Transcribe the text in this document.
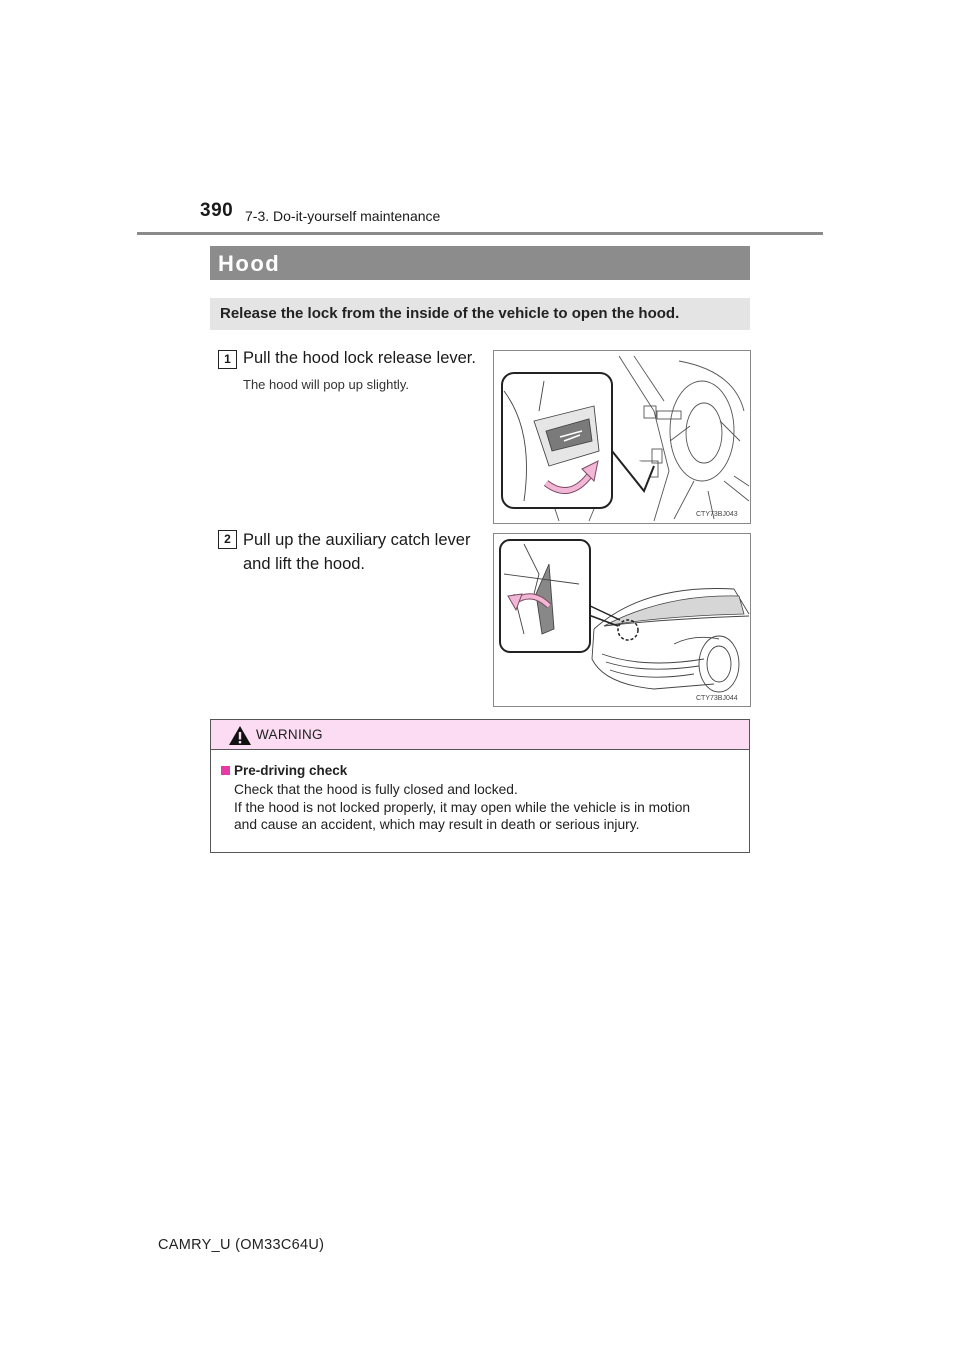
390 7-3. Do-it-yourself maintenance
Hood
Release the lock from the inside of the vehicle to open the hood.
1 Pull the hood lock release lever.
The hood will pop up slightly.
CTY73BJ043
2 Pull up the auxiliary catch lever
and lift the hood.
CTY73BJ044
WARNING
Pre-driving check
Check that the hood is fully closed and locked.
If the hood is not locked properly, it may open while the vehicle is in motion
and cause an accident, which may result in death or serious injury.
CAMRY_U (OM33C64U)
